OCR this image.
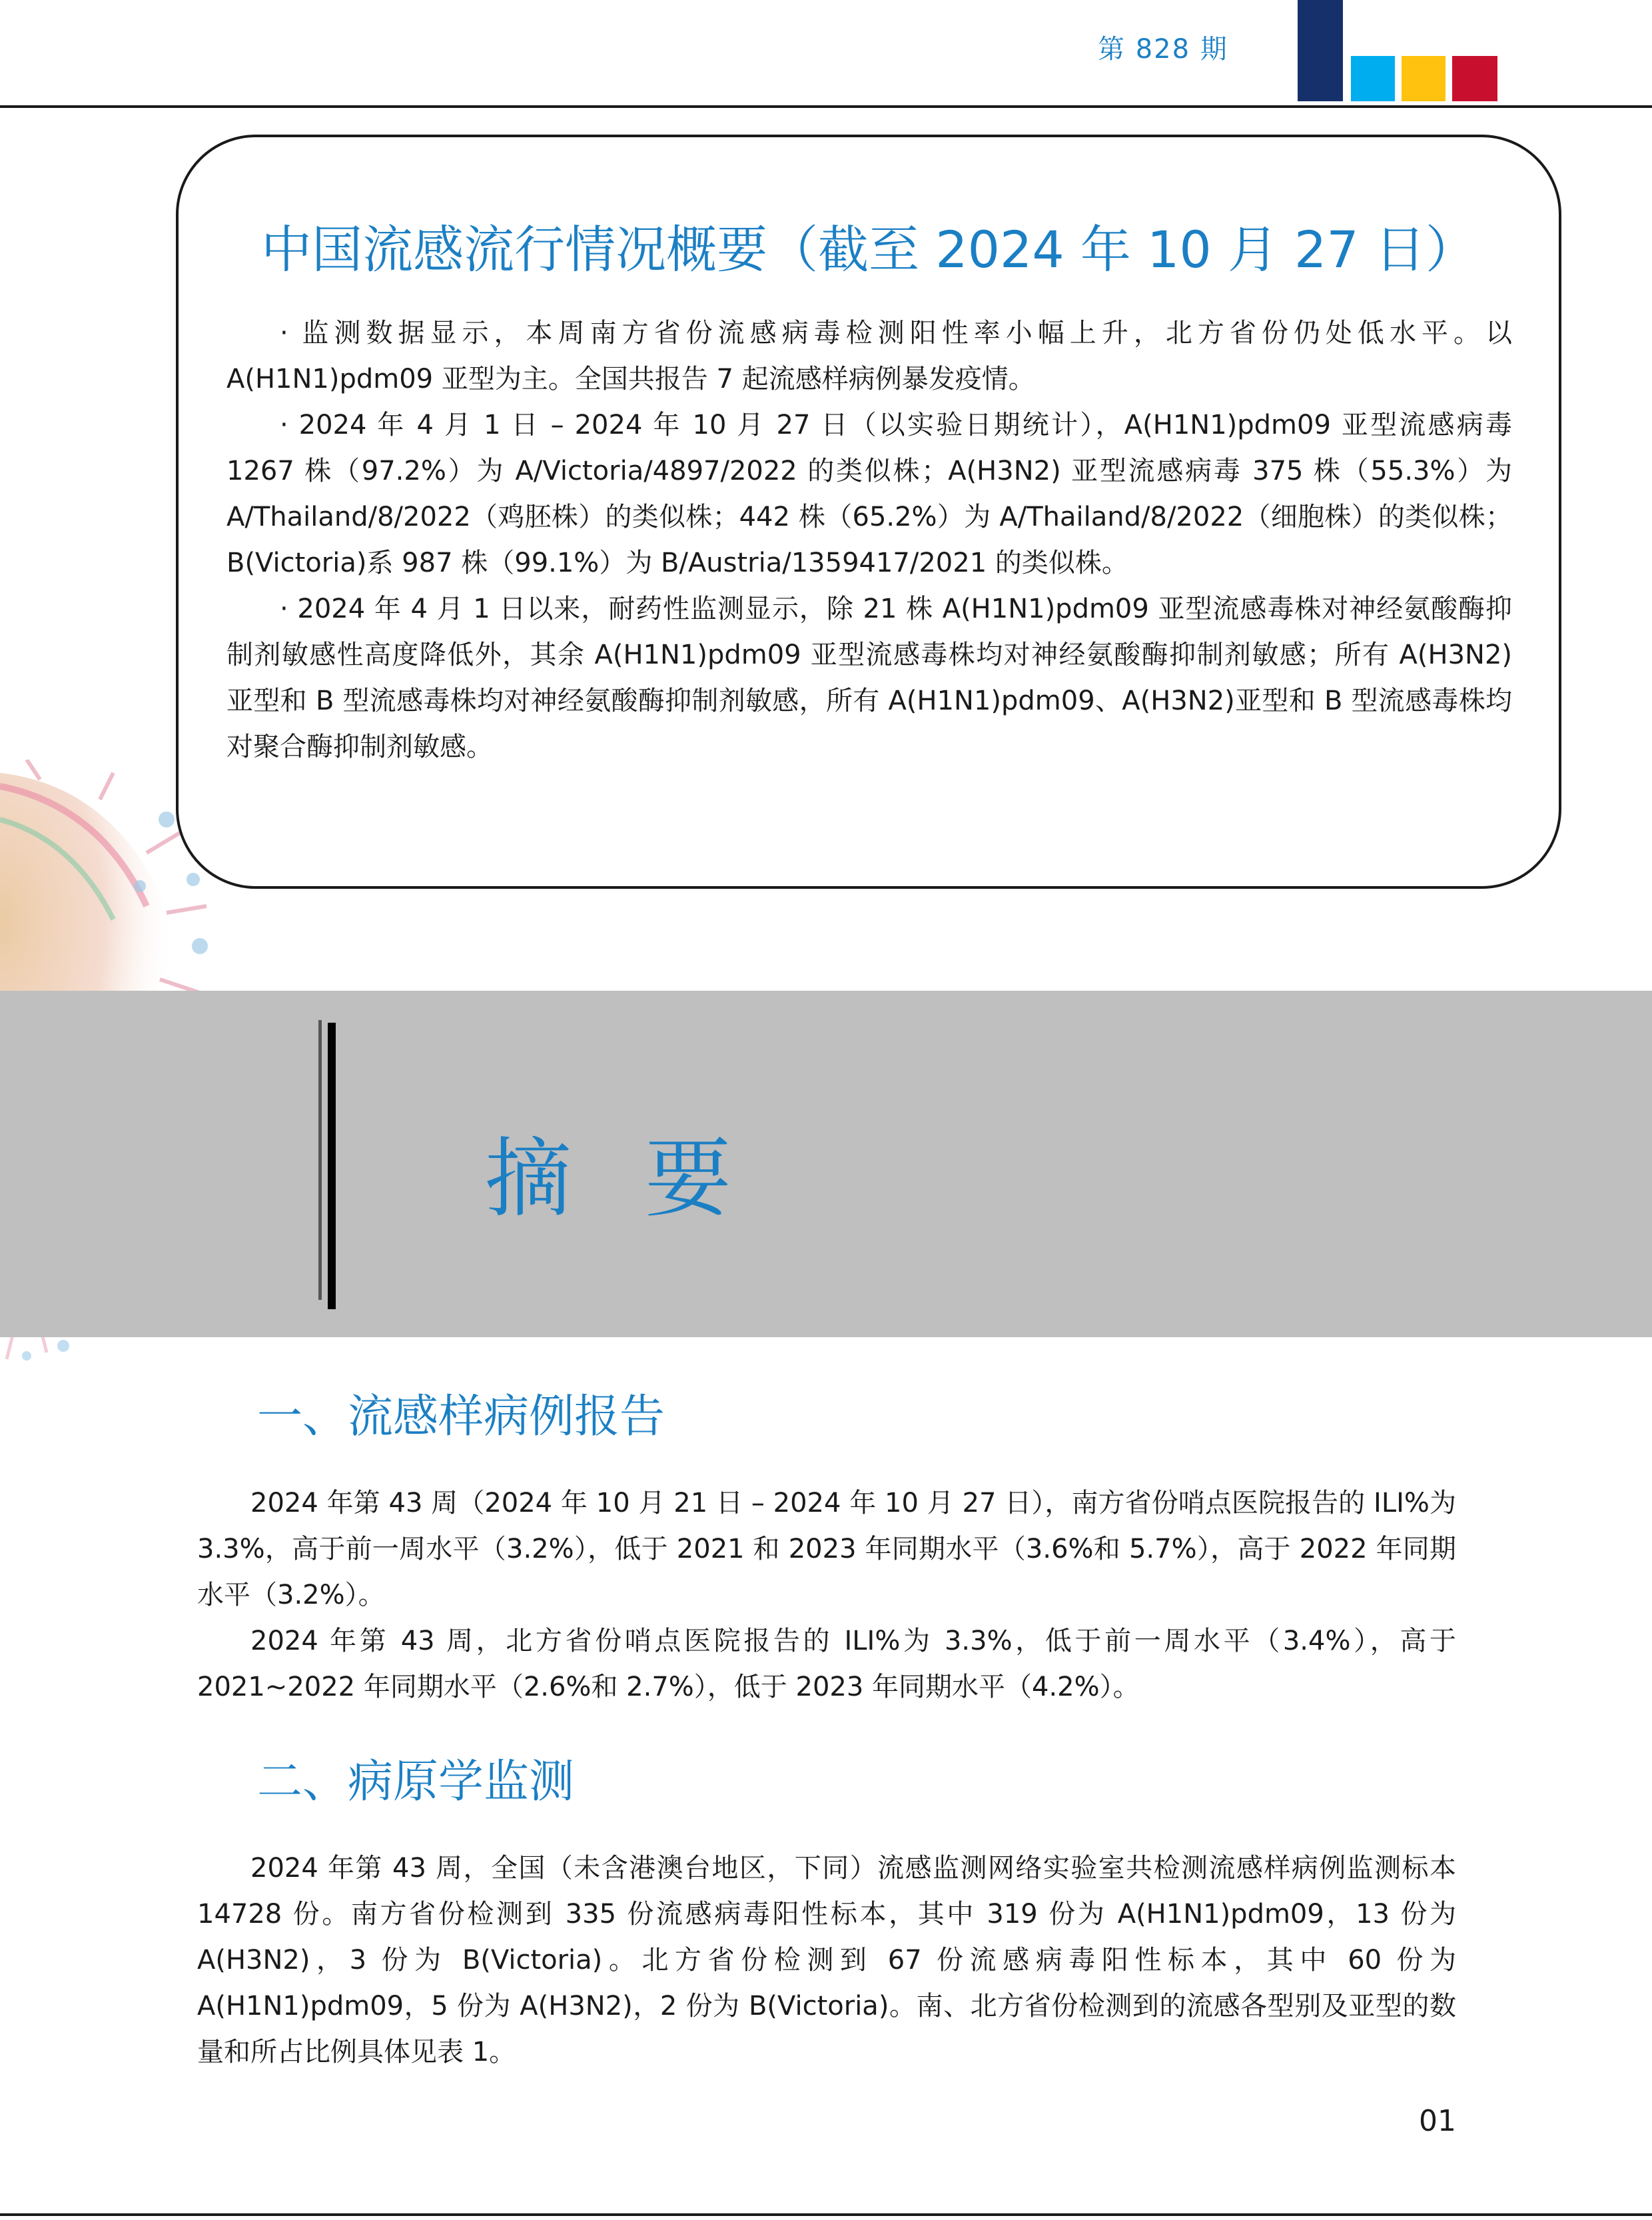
第 828 期
中国流感流行情况概要（截至 2024 年 10 月 27 日）

· 监测数据显示，本周南方省份流感病毒检测阳性率小幅上升，北方省份仍处低水平。以 A(H1N1)pdm09 亚型为主。全国共报告 7 起流感样病例暴发疫情。

· 2024 年 4 月 1 日 – 2024 年 10 月 27 日（以实验日期统计），A(H1N1)pdm09 亚型流感病毒 1267 株（97.2%）为 A/Victoria/4897/2022 的类似株；A(H3N2) 亚型流感病毒 375 株（55.3%）为 A/Thailand/8/2022（鸡胚株）的类似株；442 株（65.2%）为 A/Thailand/8/2022（细胞株）的类似株；B(Victoria)系 987 株（99.1%）为 B/Austria/1359417/2021 的类似株。

· 2024 年 4 月 1 日以来，耐药性监测显示，除 21 株 A(H1N1)pdm09 亚型流感毒株对神经氨酸酶抑制剂敏感性高度降低外，其余 A(H1N1)pdm09 亚型流感毒株均对神经氨酸酶抑制剂敏感；所有 A(H3N2) 亚型和 B 型流感毒株均对神经氨酸酶抑制剂敏感，所有 A(H1N1)pdm09、A(H3N2)亚型和 B 型流感毒株均对聚合酶抑制剂敏感。

摘要
一、流感样病例报告

2024 年第 43 周（2024 年 10 月 21 日 – 2024 年 10 月 27 日），南方省份哨点医院报告的 ILI%为 3.3%，高于前一周水平（3.2%），低于 2021 和 2023 年同期水平（3.6%和 5.7%），高于 2022 年同期水平（3.2%）。

2024 年第 43 周，北方省份哨点医院报告的 ILI%为 3.3%，低于前一周水平（3.4%），高于 2021~2022 年同期水平（2.6%和 2.7%），低于 2023 年同期水平（4.2%）。

二、病原学监测

2024 年第 43 周，全国（未含港澳台地区，下同）流感监测网络实验室共检测流感样病例监测标本 14728 份。南方省份检测到 335 份流感病毒阳性标本，其中 319 份为 A(H1N1)pdm09，13 份为 A(H3N2)，3 份为 B(Victoria)。北方省份检测到 67 份流感病毒阳性标本，其中 60 份为 A(H1N1)pdm09，5 份为 A(H3N2)，2 份为 B(Victoria)。南、北方省份检测到的流感各型别及亚型的数量和所占比例具体见表 1。

01
